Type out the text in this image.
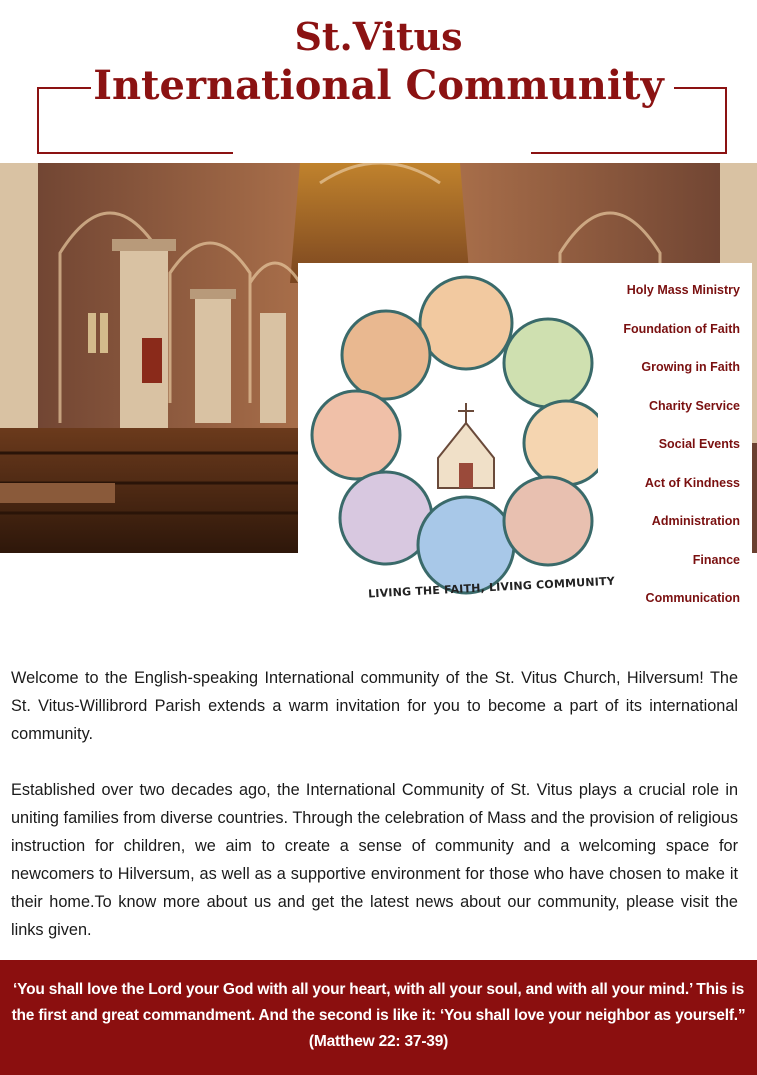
St.Vitus
International Community
LIVING THE FAITH, LIVING COMMUNITY
Holy Mass Ministry
Foundation of Faith
Growing in Faith
Charity Service
Social Events
Act of Kindness
Administration
Finance
Communication

Welcome to the English-speaking International community of the St. Vitus Church, Hilversum! The St. Vitus-Willibrord Parish extends a warm invitation for you to become a part of its international community.

Established over two decades ago, the International Community of St. Vitus plays a crucial role in uniting families from diverse countries. Through the celebration of Mass and the provision of religious instruction for children, we aim to create a sense of community and a welcoming space for newcomers to Hilversum, as well as a supportive environment for those who have chosen to make it their home.To know more about us and get the latest news about our community, please visit the links given.

‘You shall love the Lord your God with all your heart, with all your soul, and with all your mind.’ This is the first and great commandment. And the second is like it: ‘You shall love your neighbor as yourself.” (Matthew 22: 37-39)
